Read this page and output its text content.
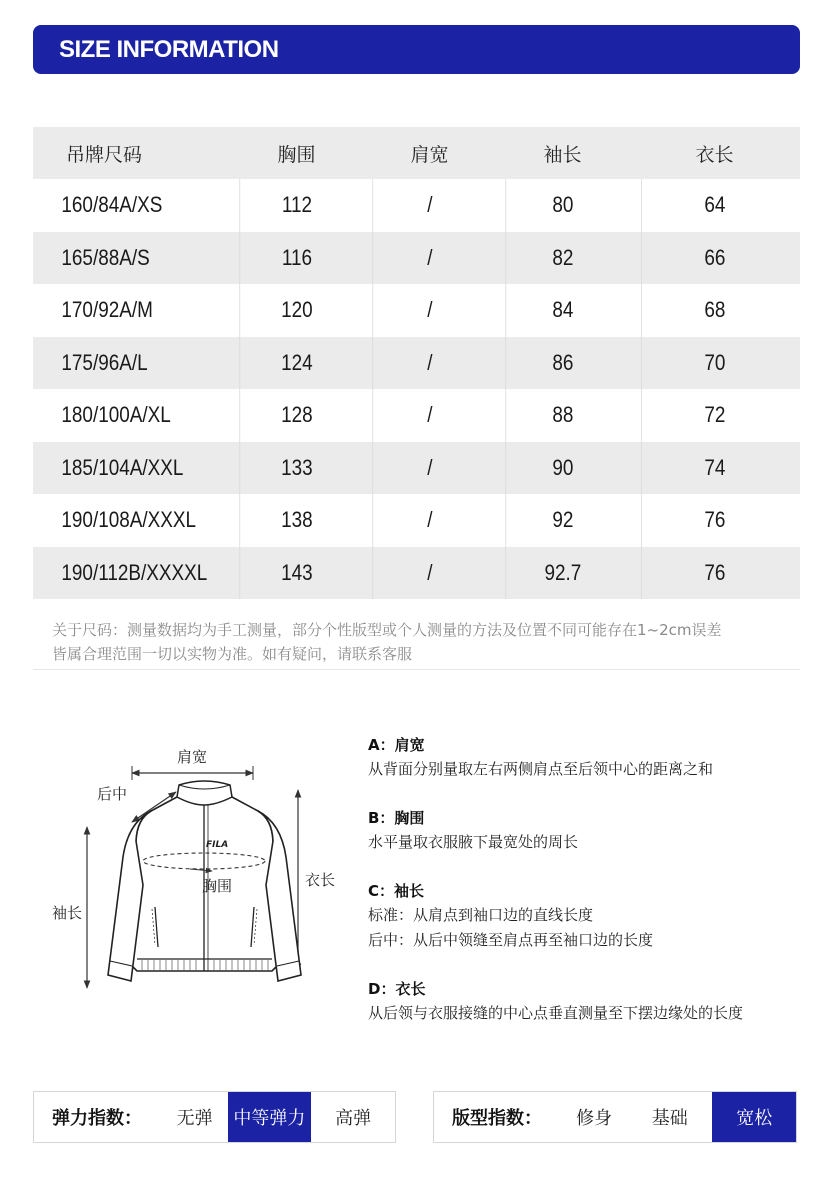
SIZE INFORMATION
吊牌尺码	胸围	肩宽	袖长	衣长
160/84A/XS	112	/	80	64
165/88A/S	116	/	82	66
170/92A/M	120	/	84	68
175/96A/L	124	/	86	70
180/100A/XL	128	/	88	72
185/104A/XXL	133	/	90	74
190/108A/XXXL	138	/	92	76
190/112B/XXXXL	143	/	92.7	76
关于尺码：测量数据均为手工测量，部分个性版型或个人测量的方法及位置不同可能存在1~2cm误差
皆属合理范围一切以实物为准。如有疑问，请联系客服
肩宽
后中
袖长
衣长
胸围
FILA
A：肩宽
从背面分别量取左右两侧肩点至后领中心的距离之和
B：胸围
水平量取衣服腋下最宽处的周长
C：袖长
标准：从肩点到袖口边的直线长度
后中：从后中领缝至肩点再至袖口边的长度
D：衣长
从后领与衣服接缝的中心点垂直测量至下摆边缘处的长度
弹力指数：	无弹	中等弹力	高弹	版型指数：	修身	基础	宽松
